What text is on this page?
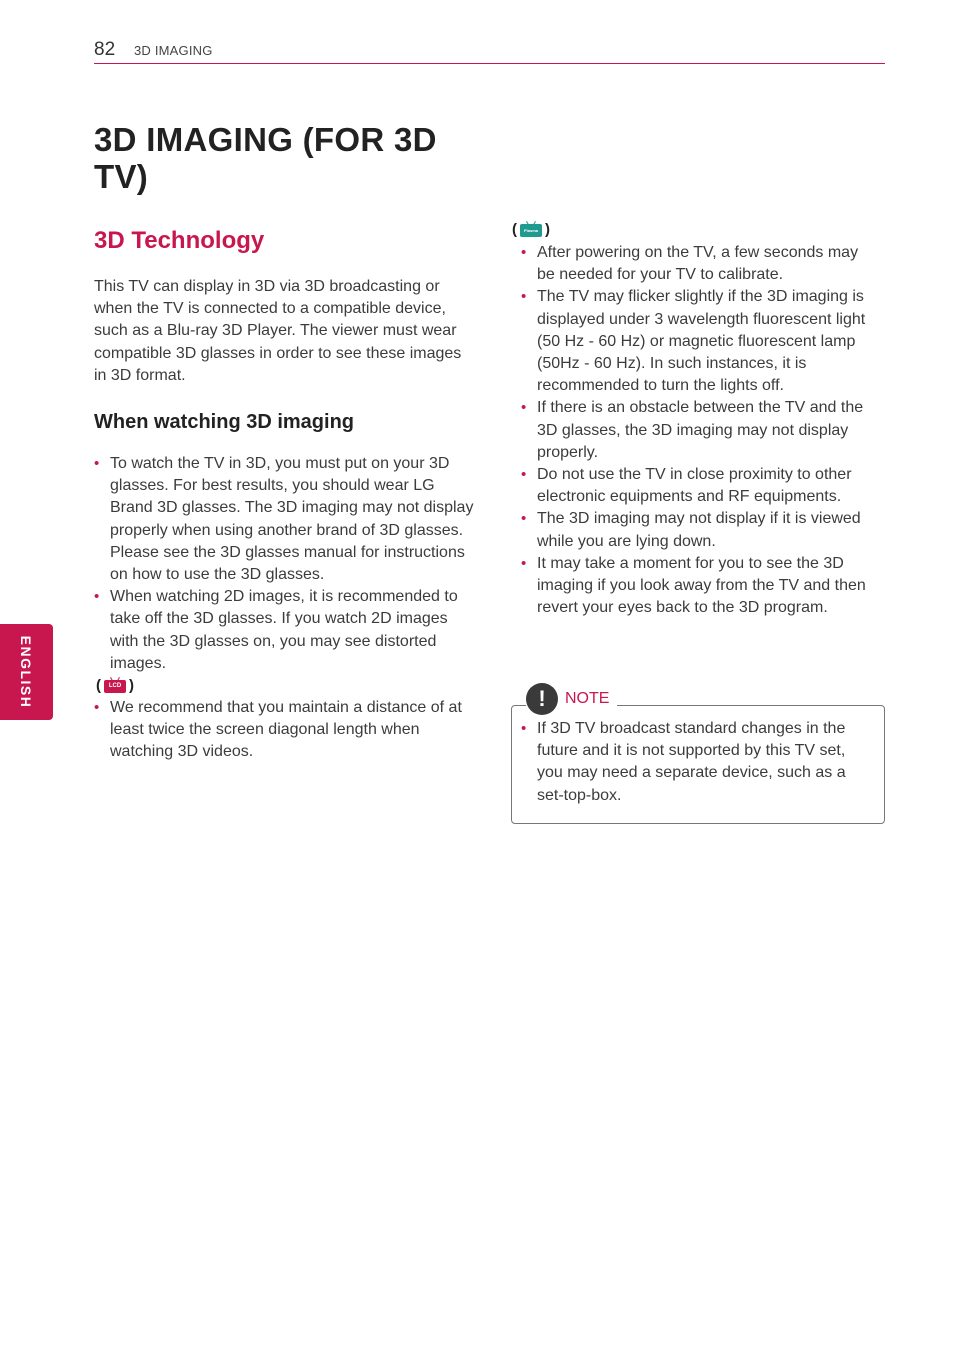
82 3D IMAGING
ENGLISH
3D IMAGING (FOR 3D TV)
3D Technology

This TV can display in 3D via 3D broadcasting or when the TV is connected to a compatible device, such as a Blu-ray 3D Player. The viewer must wear compatible 3D glasses in order to see these images in 3D format.

When watching 3D imaging
• To watch the TV in 3D, you must put on your 3D glasses. For best results, you should wear LG Brand 3D glasses. The 3D imaging may not display properly when using another brand of 3D glasses. Please see the 3D glasses manual for instructions on how to use the 3D glasses.
• When watching 2D images, it is recommended to take off the 3D glasses. If you watch 2D images with the 3D glasses on, you may see distorted images.
(	LCD )
• We recommend that you maintain a distance of at least twice the screen diagonal length when watching 3D videos.
(	Plasma )
• After powering on the TV, a few seconds may be needed for your TV to calibrate.
• The TV may flicker slightly if the 3D imaging is displayed under 3 wavelength fluorescent light (50 Hz - 60 Hz) or magnetic fluorescent lamp (50Hz - 60 Hz). In such instances, it is recommended to turn the lights off.
• If there is an obstacle between the TV and the 3D glasses, the 3D imaging may not display properly.
• Do not use the TV in close proximity to other electronic equipments and RF equipments.
• The 3D imaging may not display if it is viewed while you are lying down.
• It may take a moment for you to see the 3D imaging if you look away from the TV and then revert your eyes back to the 3D program.
!	NOTE
• If 3D TV broadcast standard changes in the future and it is not supported by this TV set, you may need a separate device, such as a set-top-box.
